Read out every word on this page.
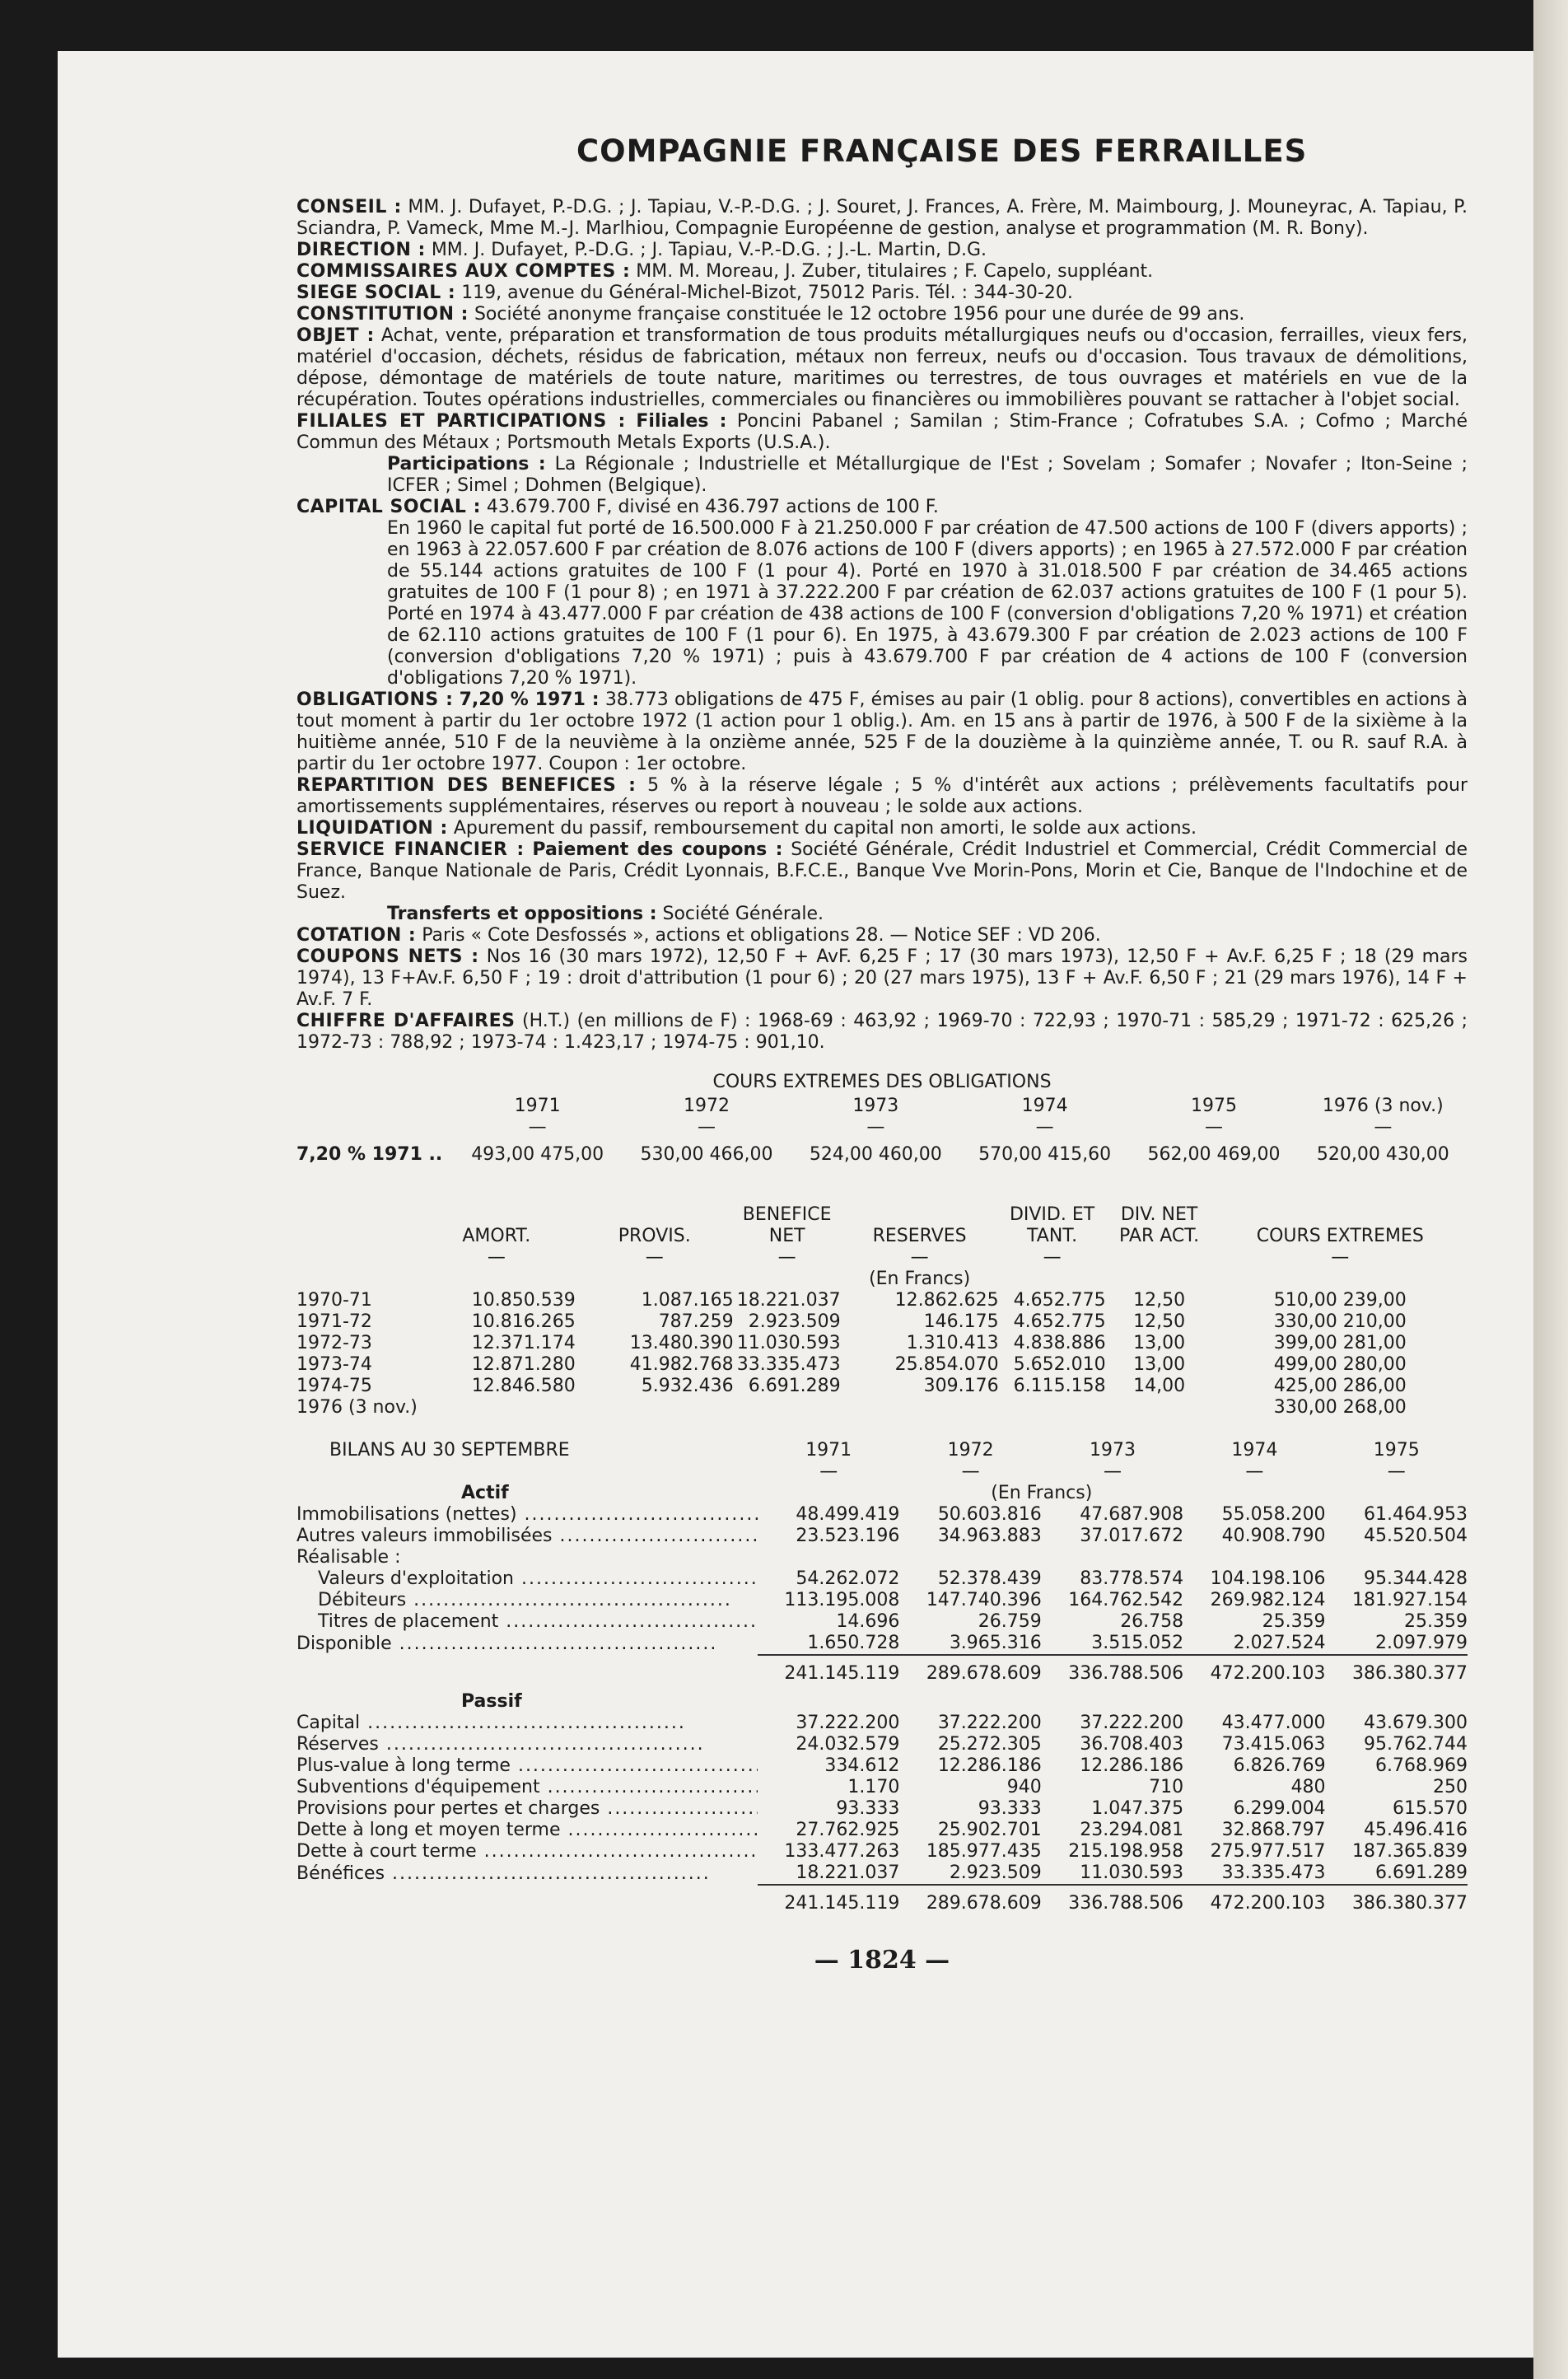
COMPAGNIE FRANÇAISE DES FERRAILLES

CONSEIL : MM. J. Dufayet, P.-D.G. ; J. Tapiau, V.-P.-D.G. ; J. Souret, J. Frances, A. Frère, M. Maimbourg, J. Mouneyrac, A. Tapiau, P. Sciandra, P. Vameck, Mme M.-J. Marlhiou, Compagnie Européenne de gestion, analyse et programmation (M. R. Bony).

DIRECTION : MM. J. Dufayet, P.-D.G. ; J. Tapiau, V.-P.-D.G. ; J.-L. Martin, D.G.

COMMISSAIRES AUX COMPTES : MM. M. Moreau, J. Zuber, titulaires ; F. Capelo, suppléant.

SIEGE SOCIAL : 119, avenue du Général-Michel-Bizot, 75012 Paris. Tél. : 344-30-20.

CONSTITUTION : Société anonyme française constituée le 12 octobre 1956 pour une durée de 99 ans.

OBJET : Achat, vente, préparation et transformation de tous produits métallurgiques neufs ou d'occasion, ferrailles, vieux fers, matériel d'occasion, déchets, résidus de fabrication, métaux non ferreux, neufs ou d'occasion. Tous travaux de démolitions, dépose, démontage de matériels de toute nature, maritimes ou terrestres, de tous ouvrages et matériels en vue de la récupération. Toutes opérations industrielles, commerciales ou financières ou immobilières pouvant se rattacher à l'objet social.

FILIALES ET PARTICIPATIONS : Filiales : Poncini Pabanel ; Samilan ; Stim-France ; Cofratubes S.A. ; Cofmo ; Marché Commun des Métaux ; Portsmouth Metals Exports (U.S.A.).

Participations : La Régionale ; Industrielle et Métallurgique de l'Est ; Sovelam ; Somafer ; Novafer ; Iton-Seine ; ICFER ; Simel ; Dohmen (Belgique).

CAPITAL SOCIAL : 43.679.700 F, divisé en 436.797 actions de 100 F.

En 1960 le capital fut porté de 16.500.000 F à 21.250.000 F par création de 47.500 actions de 100 F (divers apports) ; en 1963 à 22.057.600 F par création de 8.076 actions de 100 F (divers apports) ; en 1965 à 27.572.000 F par création de 55.144 actions gratuites de 100 F (1 pour 4). Porté en 1970 à 31.018.500 F par création de 34.465 actions gratuites de 100 F (1 pour 8) ; en 1971 à 37.222.200 F par création de 62.037 actions gratuites de 100 F (1 pour 5). Porté en 1974 à 43.477.000 F par création de 438 actions de 100 F (conversion d'obligations 7,20 % 1971) et création de 62.110 actions gratuites de 100 F (1 pour 6). En 1975, à 43.679.300 F par création de 2.023 actions de 100 F (conversion d'obligations 7,20 % 1971) ; puis à 43.679.700 F par création de 4 actions de 100 F (conversion d'obligations 7,20 % 1971).

OBLIGATIONS : 7,20 % 1971 : 38.773 obligations de 475 F, émises au pair (1 oblig. pour 8 actions), convertibles en actions à tout moment à partir du 1er octobre 1972 (1 action pour 1 oblig.). Am. en 15 ans à partir de 1976, à 500 F de la sixième à la huitième année, 510 F de la neuvième à la onzième année, 525 F de la douzième à la quinzième année, T. ou R. sauf R.A. à partir du 1er octobre 1977. Coupon : 1er octobre.

REPARTITION DES BENEFICES : 5 % à la réserve légale ; 5 % d'intérêt aux actions ; prélèvements facultatifs pour amortissements supplémentaires, réserves ou report à nouveau ; le solde aux actions.

LIQUIDATION : Apurement du passif, remboursement du capital non amorti, le solde aux actions.

SERVICE FINANCIER : Paiement des coupons : Société Générale, Crédit Industriel et Commercial, Crédit Commercial de France, Banque Nationale de Paris, Crédit Lyonnais, B.F.C.E., Banque Vve Morin-Pons, Morin et Cie, Banque de l'Indochine et de Suez.

Transferts et oppositions : Société Générale.

COTATION : Paris « Cote Desfossés », actions et obligations 28. — Notice SEF : VD 206.

COUPONS NETS : Nos 16 (30 mars 1972), 12,50 F + AvF. 6,25 F ; 17 (30 mars 1973), 12,50 F + Av.F. 6,25 F ; 18 (29 mars 1974), 13 F+Av.F. 6,50 F ; 19 : droit d'attribution (1 pour 6) ; 20 (27 mars 1975), 13 F + Av.F. 6,50 F ; 21 (29 mars 1976), 14 F + Av.F. 7 F.

CHIFFRE D'AFFAIRES (H.T.) (en millions de F) : 1968-69 : 463,92 ; 1969-70 : 722,93 ; 1970-71 : 585,29 ; 1971-72 : 625,26 ; 1972-73 : 788,92 ; 1973-74 : 1.423,17 ; 1974-75 : 901,10.

COURS EXTREMES DES OBLIGATIONS
	1971	1972	1973	1974	1975	1976 (3 nov.)
	—	—	—	—	—	—
7,20 % 1971 ..	493,00 475,00	530,00 466,00	524,00 460,00	570,00 415,60	562,00 469,00	520,00 430,00
	AMORT.	PROVIS.	BENEFICE NET	RESERVES	DIVID. ET TANT.	DIV. NET PAR ACT.	COURS EXTREMES
	—	—	—	—	—		—
				(En Francs)			
1970-71	10.850.539	1.087.165	18.221.037	12.862.625	4.652.775	12,50	510,00 239,00
1971-72	10.816.265	787.259	2.923.509	146.175	4.652.775	12,50	330,00 210,00
1972-73	12.371.174	13.480.390	11.030.593	1.310.413	4.838.886	13,00	399,00 281,00
1973-74	12.871.280	41.982.768	33.335.473	25.854.070	5.652.010	13,00	499,00 280,00
1974-75	12.846.580	5.932.436	6.691.289	309.176	6.115.158	14,00	425,00 286,00
1976 (3 nov.)							330,00 268,00
BILANS AU 30 SEPTEMBRE	1971	1972	1973	1974	1975
	—	—	—	—	—
Actif		(En Francs)			
Immobilisations (nettes) .....	48.499.419	50.603.816	47.687.908	55.058.200	61.464.953
Autres valeurs immobilisées .....	23.523.196	34.963.883	37.017.672	40.908.790	45.520.504
Réalisable :					
Valeurs d'exploitation .....	54.262.072	52.378.439	83.778.574	104.198.106	95.344.428
Débiteurs .....	113.195.008	147.740.396	164.762.542	269.982.124	181.927.154
Titres de placement .....	14.696	26.759	26.758	25.359	25.359
Disponible .....	1.650.728	3.965.316	3.515.052	2.027.524	2.097.979
	241.145.119	289.678.609	336.788.506	472.200.103	386.380.377
Passif					
Capital .....	37.222.200	37.222.200	37.222.200	43.477.000	43.679.300
Réserves .....	24.032.579	25.272.305	36.708.403	73.415.063	95.762.744
Plus-value à long terme .....	334.612	12.286.186	12.286.186	6.826.769	6.768.969
Subventions d'équipement .....	1.170	940	710	480	250
Provisions pour pertes et charges .....	93.333	93.333	1.047.375	6.299.004	615.570
Dette à long et moyen terme .....	27.762.925	25.902.701	23.294.081	32.868.797	45.496.416
Dette à court terme .....	133.477.263	185.977.435	215.198.958	275.977.517	187.365.839
Bénéfices .....	18.221.037	2.923.509	11.030.593	33.335.473	6.691.289
	241.145.119	289.678.609	336.788.506	472.200.103	386.380.377
— 1824 —
